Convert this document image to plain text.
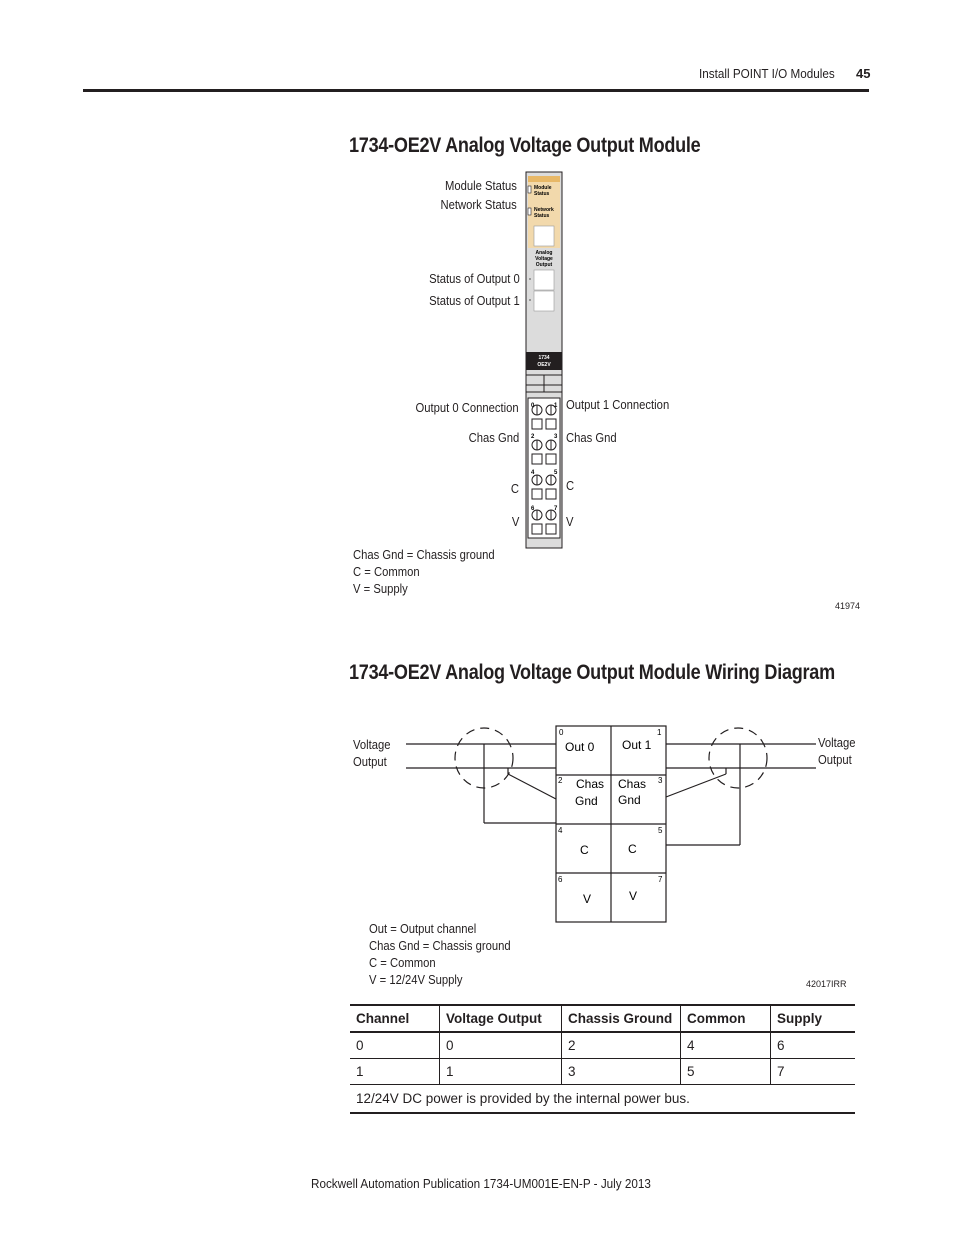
Install POINT I/O Modules 45
1734-OE2V Analog Voltage Output Module
Module Status
Network Status
Status of Output 0
Status of Output 1
Output 0 Connection
Chas Gnd
C
V
Output 1 Connection
Chas Gnd
C
V
Module
Status
Network
Status
Analog
Voltage
Output
1734
OE2V
0	1
2	3
4	5
6	7
Chas Gnd = Chassis ground
C = Common
V = Supply
41974
1734-OE2V Analog Voltage Output Module Wiring Diagram
Voltage
Output
Voltage
Output
0	1
2	3
4	5
6	7
Out 0 Out 1
Chas
Gnd
Chas
Gnd
C	C
V	V
Out = Output channel
Chas Gnd = Chassis ground
C = Common
V = 12/24V Supply	42017IRR
Channel	Voltage Output	Chassis Ground	Common	Supply
0	0	2	4	6
1	1	3	5	7
12/24V DC power is provided by the internal power bus.				
Rockwell Automation Publication 1734-UM001E-EN-P - July 2013
